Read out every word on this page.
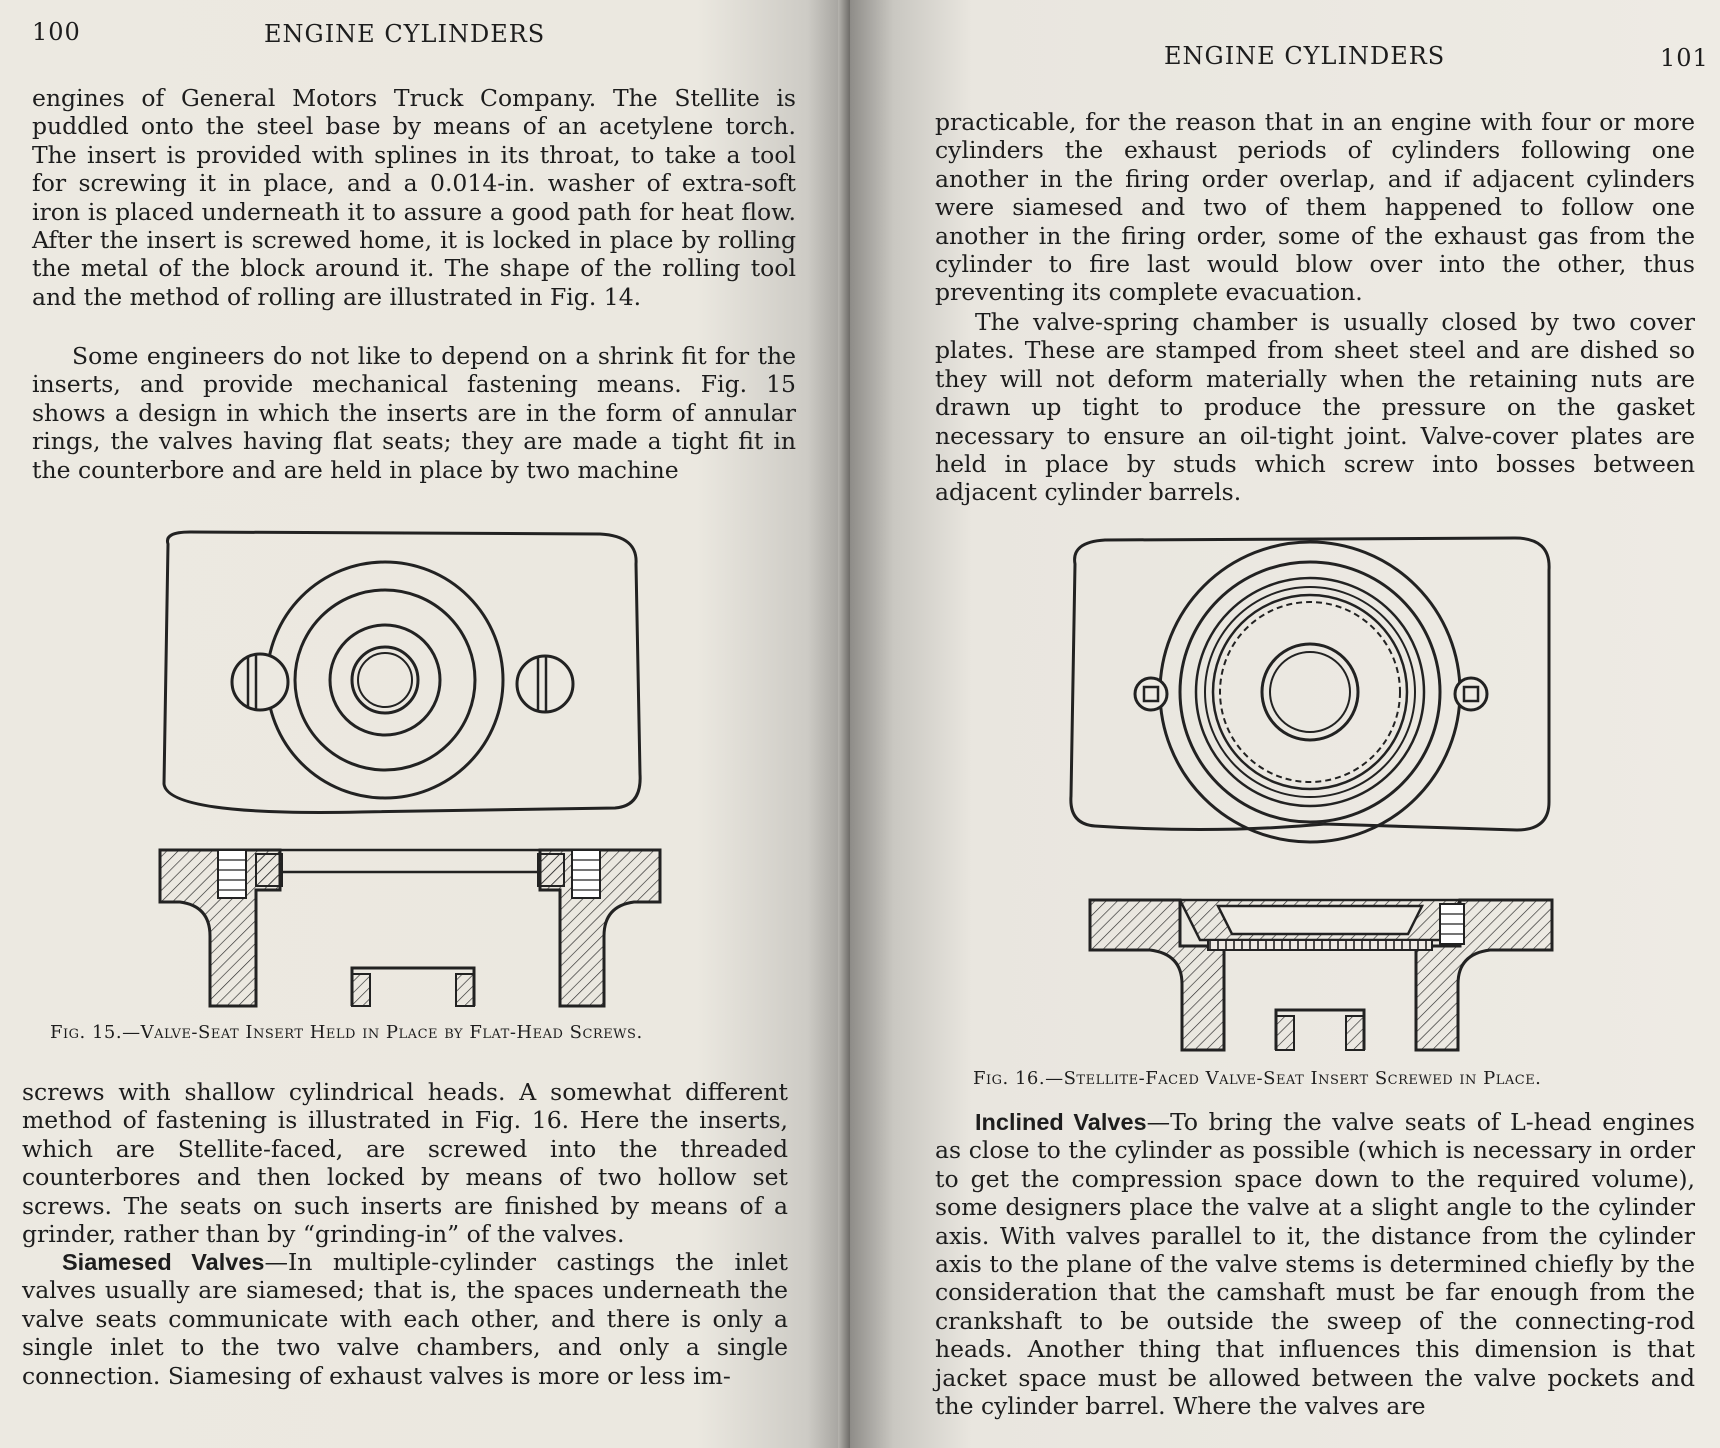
100	ENGINE CYLINDERS

engines of General Motors Truck Company. The Stellite is puddled onto the steel base by means of an acetylene torch. The insert is provided with splines in its throat, to take a tool for screwing it in place, and a 0.014-in. washer of extra-soft iron is placed underneath it to assure a good path for heat flow. After the insert is screwed home, it is locked in place by rolling the metal of the block around it. The shape of the rolling tool and the method of rolling are illustrated in Fig. 14.

Some engineers do not like to depend on a shrink fit for the inserts, and provide mechanical fastening means. Fig. 15 shows a design in which the inserts are in the form of annular rings, the valves having flat seats; they are made a tight fit in the counterbore and are held in place by two machine

Fig. 15.—Valve-Seat Insert Held in Place by Flat-Head Screws.

screws with shallow cylindrical heads. A somewhat different method of fastening is illustrated in Fig. 16. Here the inserts, which are Stellite-faced, are screwed into the threaded counterbores and then locked by means of two hollow set screws. The seats on such inserts are finished by means of a grinder, rather than by “grinding-in” of the valves.

Siamesed Valves—In multiple-cylinder castings the inlet valves usually are siamesed; that is, the spaces underneath the valve seats communicate with each other, and there is only a single inlet to the two valve chambers, and only a single connection. Siamesing of exhaust valves is more or less im-

ENGINE CYLINDERS	101

practicable, for the reason that in an engine with four or more cylinders the exhaust periods of cylinders following one another in the firing order overlap, and if adjacent cylinders were siamesed and two of them happened to follow one another in the firing order, some of the exhaust gas from the cylinder to fire last would blow over into the other, thus preventing its complete evacuation.

The valve-spring chamber is usually closed by two cover plates. These are stamped from sheet steel and are dished so they will not deform materially when the retaining nuts are drawn up tight to produce the pressure on the gasket necessary to ensure an oil-tight joint. Valve-cover plates are held in place by studs which screw into bosses between adjacent cylinder barrels.

Fig. 16.—Stellite-Faced Valve-Seat Insert Screwed in Place.

Inclined Valves—To bring the valve seats of L-head engines as close to the cylinder as possible (which is necessary in order to get the compression space down to the required volume), some designers place the valve at a slight angle to the cylinder axis. With valves parallel to it, the distance from the cylinder axis to the plane of the valve stems is determined chiefly by the consideration that the camshaft must be far enough from the crankshaft to be outside the sweep of the connecting-rod heads. Another thing that influences this dimension is that jacket space must be allowed between the valve pockets and the cylinder barrel. Where the valves are
